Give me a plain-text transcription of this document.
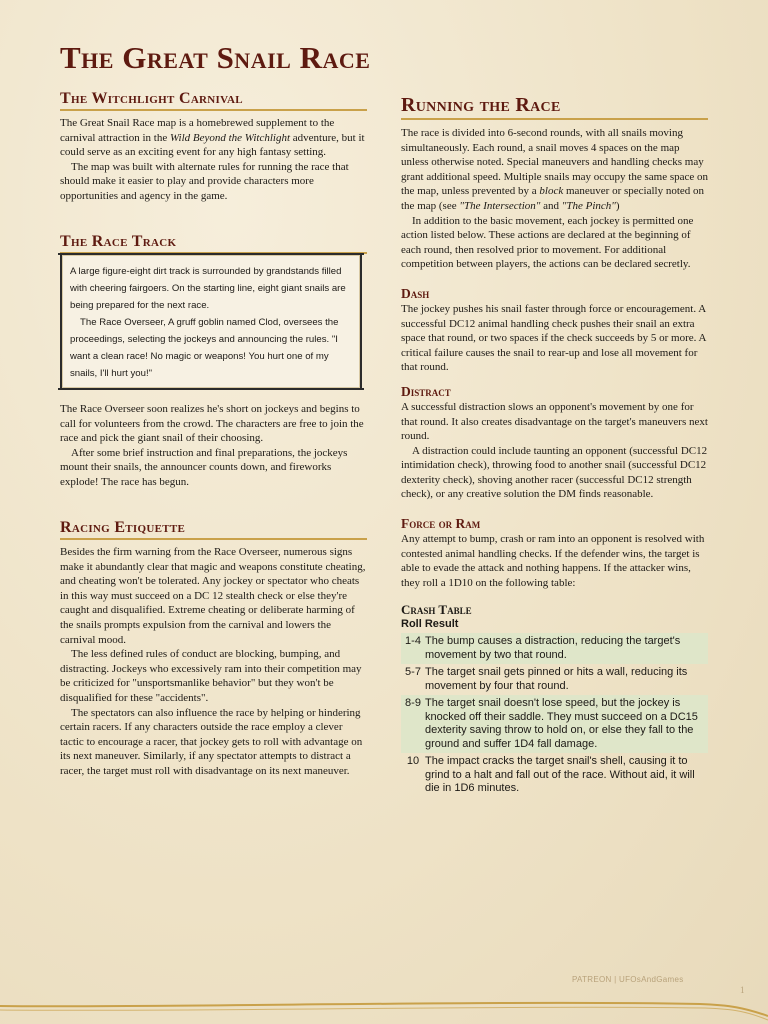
The Great Snail Race
The Witchlight Carnival

The Great Snail Race map is a homebrewed supplement to the carnival attraction in the Wild Beyond the Witchlight adventure, but it could serve as an exciting event for any high fantasy setting.

The map was built with alternate rules for running the race that should make it easier to play and provide characters more opportunities and agency in the game.

The Race Track

A large figure-eight dirt track is surrounded by grandstands filled with cheering fairgoers. On the starting line, eight giant snails are being prepared for the next race.

The Race Overseer, A gruff goblin named Clod, oversees the proceedings, selecting the jockeys and announcing the rules. "I want a clean race! No magic or weapons! You hurt one of my snails, I'll hurt you!"

The Race Overseer soon realizes he's short on jockeys and begins to call for volunteers from the crowd. The characters are free to join the race and pick the giant snail of their choosing.

After some brief instruction and final preparations, the jockeys mount their snails, the announcer counts down, and fireworks explode! The race has begun.

Racing Etiquette

Besides the firm warning from the Race Overseer, numerous signs make it abundantly clear that magic and weapons constitute cheating, and cheating won't be tolerated. Any jockey or spectator who cheats in this way must succeed on a DC 12 stealth check or else they're caught and disqualified. Extreme cheating or deliberate harming of the snails prompts expulsion from the carnival and lowers the carnival mood.

The less defined rules of conduct are blocking, bumping, and distracting. Jockeys who excessively ram into their competition may be criticized for "unsportsmanlike behavior" but they won't be disqualified for these "accidents".

The spectators can also influence the race by helping or hindering certain racers. If any characters outside the race employ a clever tactic to encourage a racer, that jockey gets to roll with advantage on its next maneuver. Similarly, if any spectator attempts to distract a racer, the target must roll with disadvantage on its next maneuver.

Running the Race

The race is divided into 6-second rounds, with all snails moving simultaneously. Each round, a snail moves 4 spaces on the map unless otherwise noted. Special maneuvers and handling checks may grant additional speed. Multiple snails may occupy the same space on the map, unless prevented by a block maneuver or specially noted on the map (see "The Intersection" and "The Pinch")

In addition to the basic movement, each jockey is permitted one action listed below. These actions are declared at the beginning of each round, then resolved prior to movement. For additional competition between players, the actions can be declared secretly.

Dash

The jockey pushes his snail faster through force or encouragement. A successful DC12 animal handling check pushes their snail an extra space that round, or two spaces if the check succeeds by 5 or more. A critical failure causes the snail to rear-up and lose all movement for that round.

Distract

A successful distraction slows an opponent's movement by one for that round. It also creates disadvantage on the target's maneuvers next round.

A distraction could include taunting an opponent (successful DC12 intimidation check), throwing food to another snail (successful DC12 dexterity check), shoving another racer (successful DC12 strength check), or any creative solution the DM finds reasonable.

Force or Ram

Any attempt to bump, crash or ram into an opponent is resolved with contested animal handling checks. If the defender wins, the target is able to evade the attack and nothing happens. If the attacker wins, they roll a 1D10 on the following table:

Crash Table

Roll Result

1-4 The bump causes a distraction, reducing the target's movement by two that round.
5-7 The target snail gets pinned or hits a wall, reducing its movement by four that round.
8-9 The target snail doesn't lose speed, but the jockey is knocked off their saddle. They must succeed on a DC15 dexterity saving throw to hold on, or else they fall to the ground and suffer 1D4 fall damage.
10 The impact cracks the target snail's shell, causing it to grind to a halt and fall out of the race. Without aid, it will die in 1D6 minutes.
PATREON | UFOsAndGames
1
